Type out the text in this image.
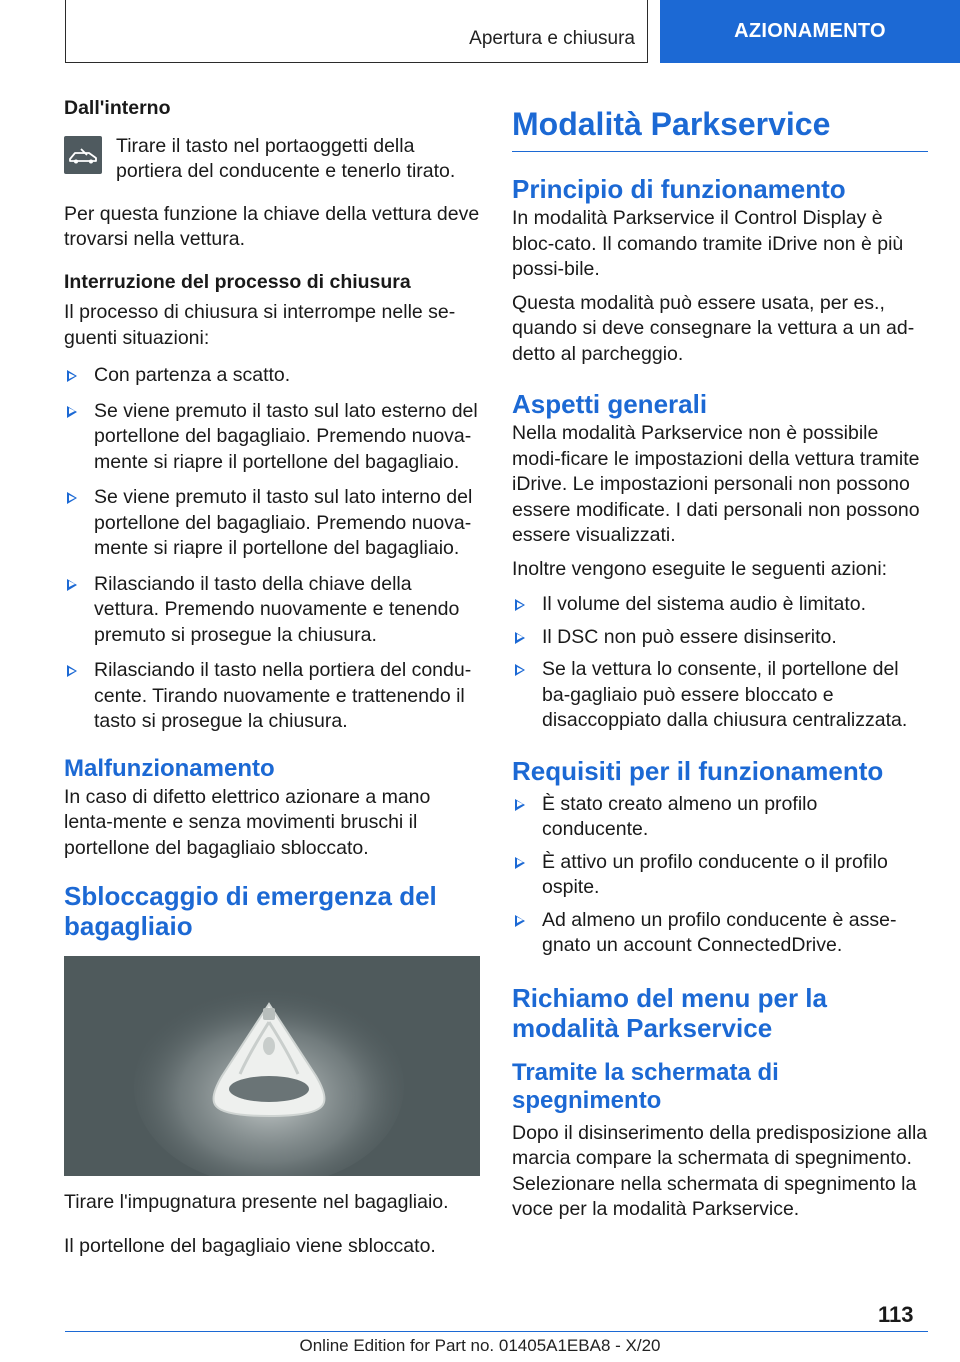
Apertura e chiusura	AZIONAMENTO

Dall'interno

Tirare il tasto nel portaoggetti della portiera del conducente e tenerlo tirato.

Per questa funzione la chiave della vettura deve trovarsi nella vettura.

Interruzione del processo di chiusura

Il processo di chiusura si interrompe nelle se-guenti situazioni:

Con partenza a scatto.
Se viene premuto il tasto sul lato esterno del portellone del bagagliaio. Premendo nuova-mente si riapre il portellone del bagagliaio.
Se viene premuto il tasto sul lato interno del portellone del bagagliaio. Premendo nuova-mente si riapre il portellone del bagagliaio.
Rilasciando il tasto della chiave della vettura. Premendo nuovamente e tenendo premuto si prosegue la chiusura.
Rilasciando il tasto nella portiera del condu-cente. Tirando nuovamente e trattenendo il tasto si prosegue la chiusura.

Malfunzionamento

In caso di difetto elettrico azionare a mano lenta-mente e senza movimenti bruschi il portellone del bagagliaio sbloccato.

Sbloccaggio di emergenza del bagagliaio

Tirare l'impugnatura presente nel bagagliaio.

Il portellone del bagagliaio viene sbloccato.

Modalità Parkservice

Principio di funzionamento

In modalità Parkservice il Control Display è bloc-cato. Il comando tramite iDrive non è più possi-bile.

Questa modalità può essere usata, per es., quando si deve consegnare la vettura a un ad-detto al parcheggio.

Aspetti generali

Nella modalità Parkservice non è possibile modi-ficare le impostazioni della vettura tramite iDrive. Le impostazioni personali non possono essere modificate. I dati personali non possono essere visualizzati.

Inoltre vengono eseguite le seguenti azioni:

Il volume del sistema audio è limitato.
Il DSC non può essere disinserito.
Se la vettura lo consente, il portellone del ba-gagliaio può essere bloccato e disaccoppiato dalla chiusura centralizzata.

Requisiti per il funzionamento

È stato creato almeno un profilo conducente.
È attivo un profilo conducente o il profilo ospite.
Ad almeno un profilo conducente è asse-gnato un account ConnectedDrive.

Richiamo del menu per la modalità Parkservice

Tramite la schermata di spegnimento

Dopo il disinserimento della predisposizione alla marcia compare la schermata di spegnimento. Selezionare nella schermata di spegnimento la voce per la modalità Parkservice.

113
Online Edition for Part no. 01405A1EBA8 - X/20
